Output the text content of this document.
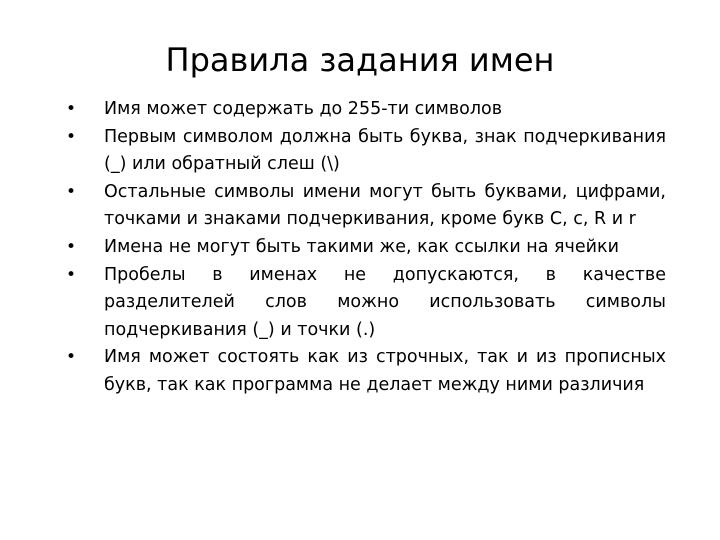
Правила задания имен
• Имя может содержать до 255-ти символов
• Первым символом должна быть буква, знак подчеркивания (_) или обратный слеш (\)
• Остальные символы имени могут быть буквами, цифрами, точками и знаками подчеркивания, кроме букв С, с, R и r
• Имена не могут быть такими же, как ссылки на ячейки
• Пробелы в именах не допускаются, в качестве разделителей слов можно использовать символы подчеркивания (_) и точки (.)
• Имя может состоять как из строчных, так и из прописных букв, так как программа не делает между ними различия
